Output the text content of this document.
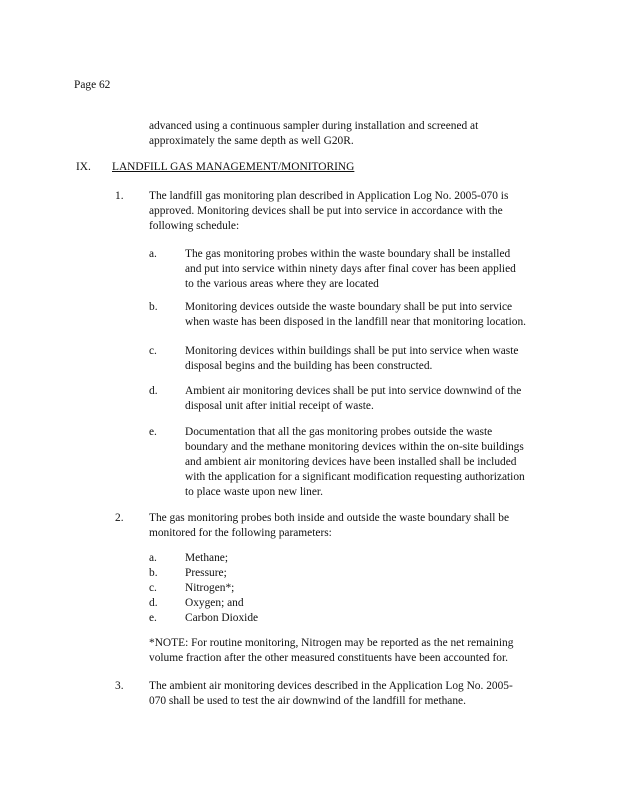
Page 62
advanced using a continuous sampler during installation and screened at
approximately the same depth as well G20R.
IX. LANDFILL GAS MANAGEMENT/MONITORING
1. The landfill gas monitoring plan described in Application Log No. 2005-070 is
approved. Monitoring devices shall be put into service in accordance with the
following schedule:
a. The gas monitoring probes within the waste boundary shall be installed
and put into service within ninety days after final cover has been applied
to the various areas where they are located
b. Monitoring devices outside the waste boundary shall be put into service
when waste has been disposed in the landfill near that monitoring location.
c. Monitoring devices within buildings shall be put into service when waste
disposal begins and the building has been constructed.
d. Ambient air monitoring devices shall be put into service downwind of the
disposal unit after initial receipt of waste.
e. Documentation that all the gas monitoring probes outside the waste
boundary and the methane monitoring devices within the on-site buildings
and ambient air monitoring devices have been installed shall be included
with the application for a significant modification requesting authorization
to place waste upon new liner.
2. The gas monitoring probes both inside and outside the waste boundary shall be
monitored for the following parameters:
a. Methane;
b. Pressure;
c. Nitrogen*;
d. Oxygen; and
e. Carbon Dioxide
*NOTE: For routine monitoring, Nitrogen may be reported as the net remaining
volume fraction after the other measured constituents have been accounted for.
3. The ambient air monitoring devices described in the Application Log No. 2005-
070 shall be used to test the air downwind of the landfill for methane.
